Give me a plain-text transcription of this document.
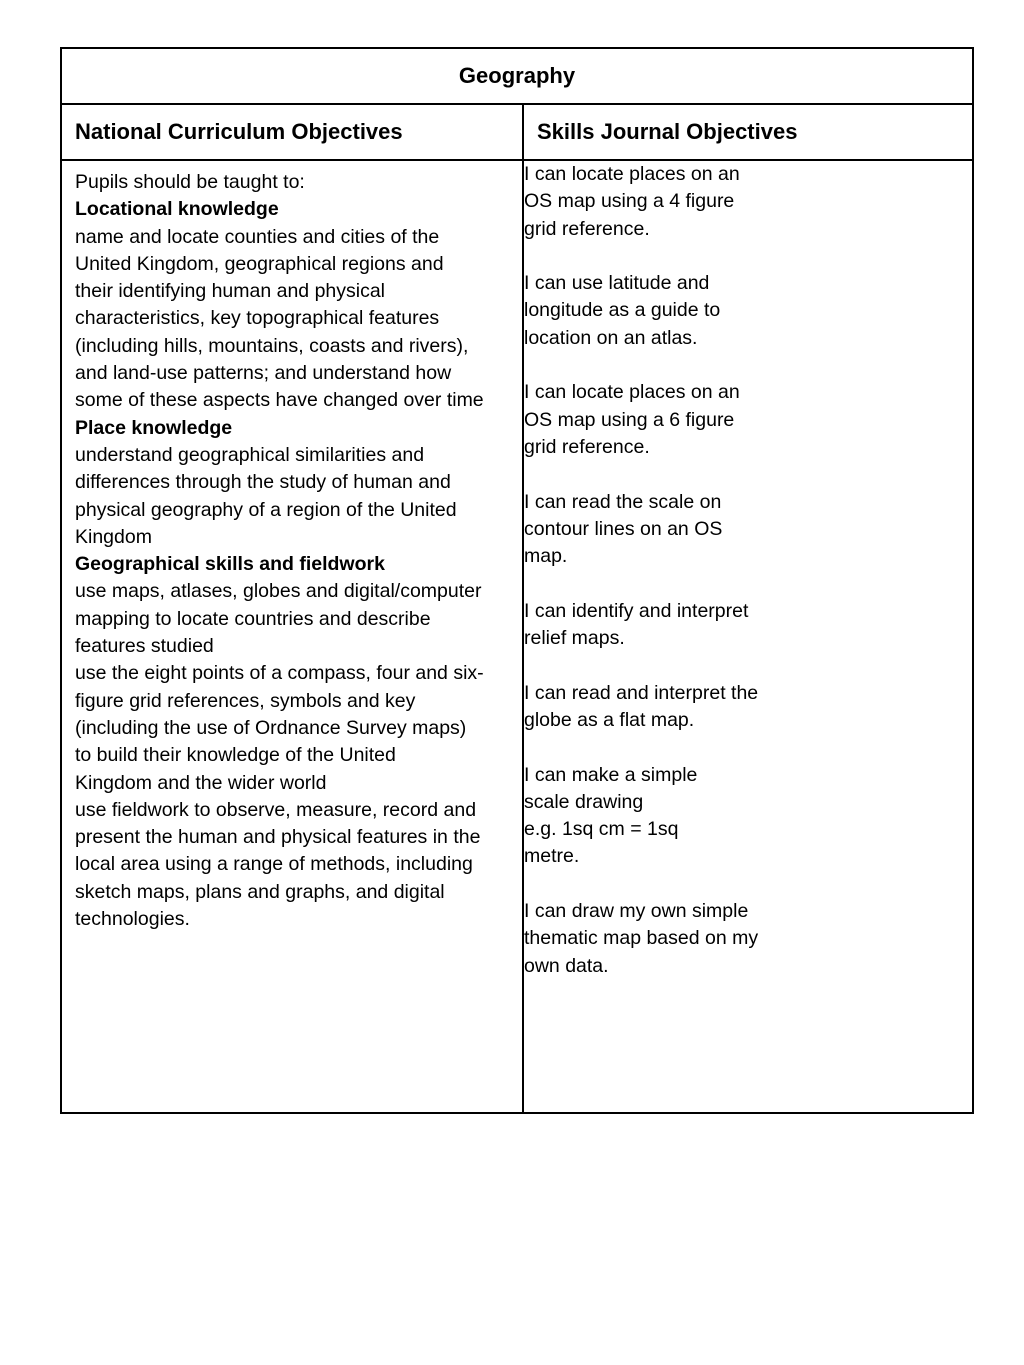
Geography
National Curriculum Objectives	Skills Journal Objectives
Pupils should be taught to:
Locational knowledge
name and locate counties and cities of the
United Kingdom, geographical regions and
their identifying human and physical
characteristics, key topographical features
(including hills, mountains, coasts and rivers),
and land-use patterns; and understand how
some of these aspects have changed over time
Place knowledge
understand geographical similarities and
differences through the study of human and
physical geography of a region of the United
Kingdom
Geographical skills and fieldwork
use maps, atlases, globes and digital/computer
mapping to locate countries and describe
features studied
use the eight points of a compass, four and six-
figure grid references, symbols and key
(including the use of Ordnance Survey maps)
to build their knowledge of the United
Kingdom and the wider world
use fieldwork to observe, measure, record and
present the human and physical features in the
local area using a range of methods, including
sketch maps, plans and graphs, and digital
technologies.
I can locate places on an
OS map using a 4 figure
grid reference.
I can use latitude and
longitude as a guide to
location on an atlas.
I can locate places on an
OS map using a 6 figure
grid reference.
I can read the scale on
contour lines on an OS
map.
I can identify and interpret
relief maps.
I can read and interpret the
globe as a flat map.
I can make a simple
scale drawing
e.g. 1sq cm = 1sq
metre.
I can draw my own simple
thematic map based on my
own data.
